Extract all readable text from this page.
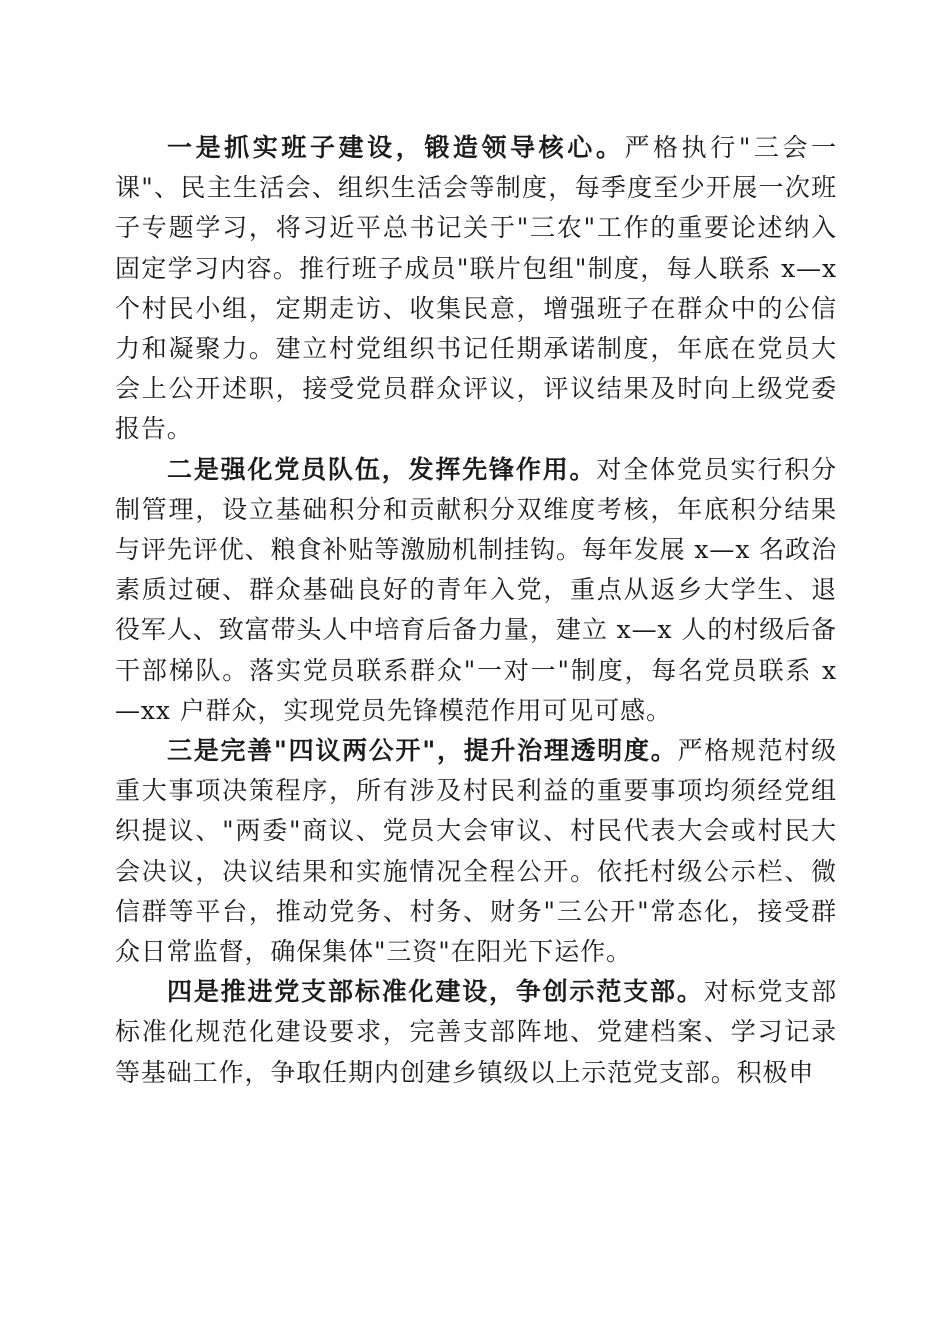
一是抓实班子建设，锻造领导核心。严格执行"三会一课"、民主生活会、组织生活会等制度，每季度至少开展一次班子专题学习，将习近平总书记关于"三农"工作的重要论述纳入固定学习内容。推行班子成员"联片包组"制度，每人联系 x—x 个村民小组，定期走访、收集民意，增强班子在群众中的公信力和凝聚力。建立村党组织书记任期承诺制度，年底在党员大会上公开述职，接受党员群众评议，评议结果及时向上级党委报告。

二是强化党员队伍，发挥先锋作用。对全体党员实行积分制管理，设立基础积分和贡献积分双维度考核，年底积分结果与评先评优、粮食补贴等激励机制挂钩。每年发展 x—x 名政治素质过硬、群众基础良好的青年入党，重点从返乡大学生、退役军人、致富带头人中培育后备力量，建立 x—x 人的村级后备干部梯队。落实党员联系群众"一对一"制度，每名党员联系 x—xx 户群众，实现党员先锋模范作用可见可感。

三是完善"四议两公开"，提升治理透明度。严格规范村级重大事项决策程序，所有涉及村民利益的重要事项均须经党组织提议、"两委"商议、党员大会审议、村民代表大会或村民大会决议，决议结果和实施情况全程公开。依托村级公示栏、微信群等平台，推动党务、村务、财务"三公开"常态化，接受群众日常监督，确保集体"三资"在阳光下运作。

四是推进党支部标准化建设，争创示范支部。对标党支部标准化规范化建设要求，完善支部阵地、党建档案、学习记录等基础工作，争取任期内创建乡镇级以上示范党支部。积极申
